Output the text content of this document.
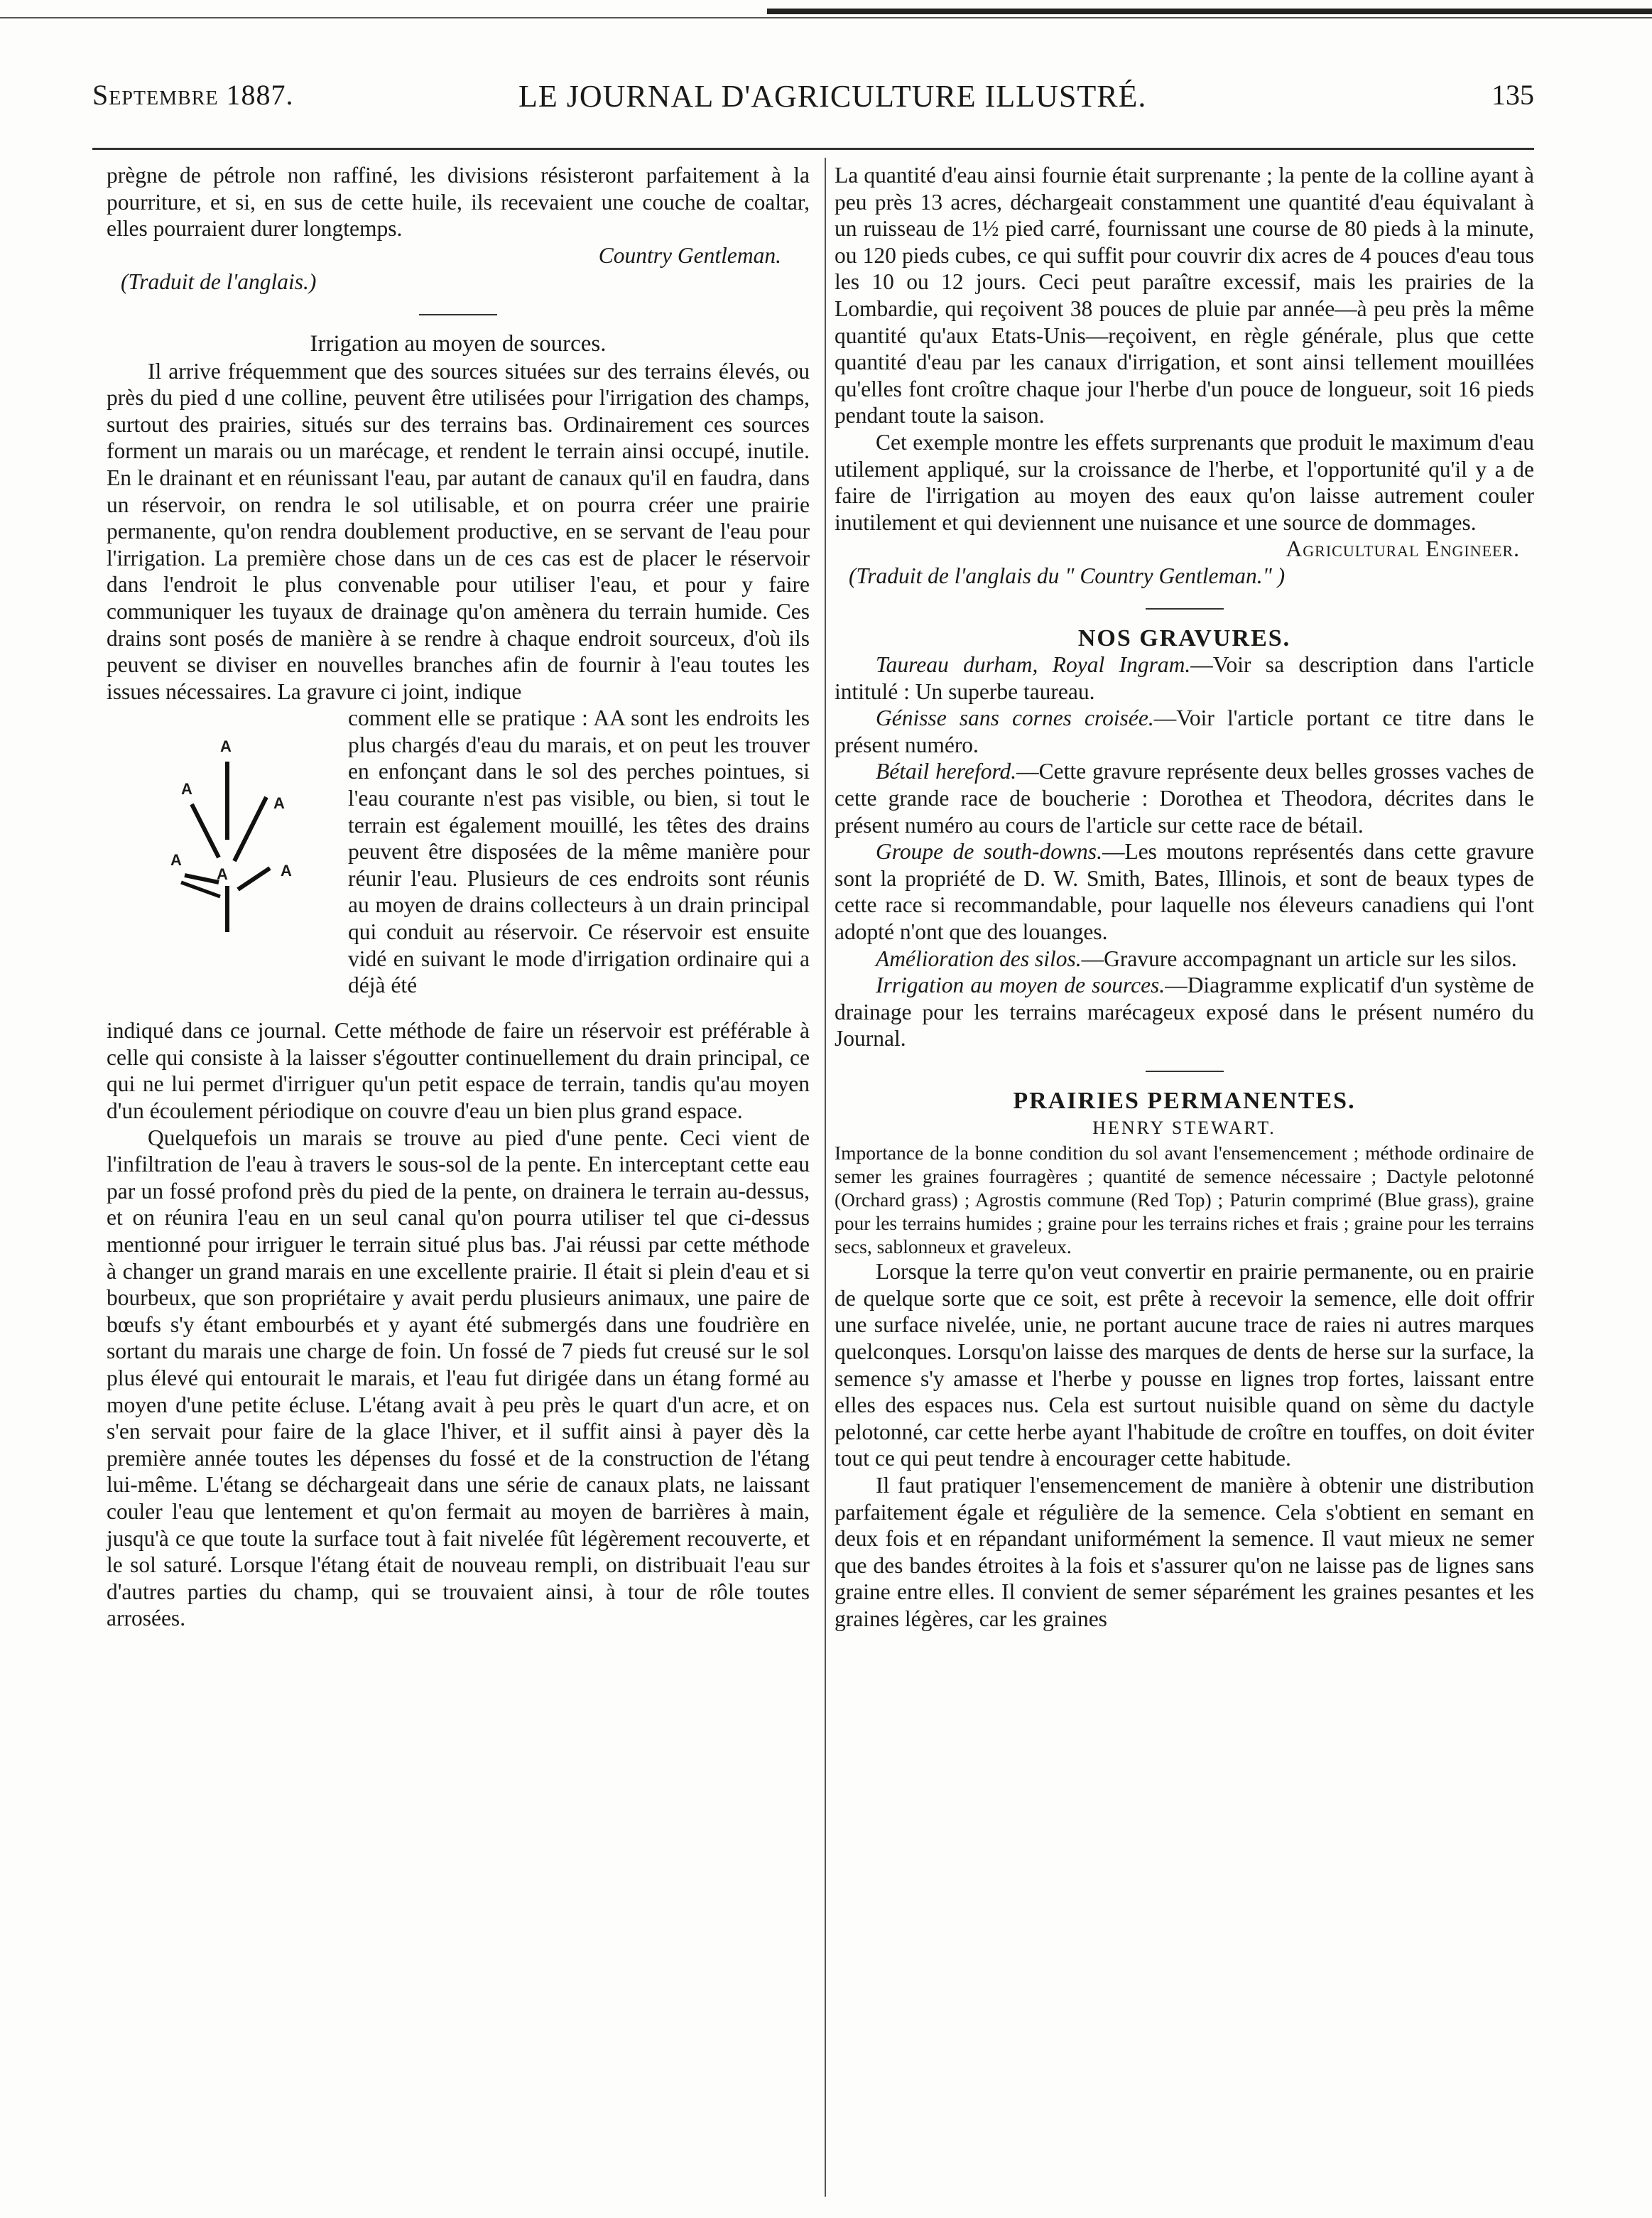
Septembre 1887.	LE JOURNAL D'AGRICULTURE ILLUSTRÉ.	135

prègne de pétrole non raffiné, les divisions résisteront parfaitement à la pourriture, et si, en sus de cette huile, ils recevaient une couche de coaltar, elles pourraient durer longtemps.

Country Gentleman.

(Traduit de l'anglais.)

Irrigation au moyen de sources.

Il arrive fréquemment que des sources situées sur des terrains élevés, ou près du pied d une colline, peuvent être utilisées pour l'irrigation des champs, surtout des prairies, situés sur des terrains bas. Ordinairement ces sources forment un marais ou un marécage, et rendent le terrain ainsi occupé, inutile. En le drainant et en réunissant l'eau, par autant de canaux qu'il en faudra, dans un réservoir, on rendra le sol utilisable, et on pourra créer une prairie permanente, qu'on rendra doublement productive, en se servant de l'eau pour l'irrigation. La première chose dans un de ces cas est de placer le réservoir dans l'endroit le plus convenable pour utiliser l'eau, et pour y faire communiquer les tuyaux de drainage qu'on amènera du terrain humide. Ces drains sont posés de manière à se rendre à chaque endroit sourceux, d'où ils peuvent se diviser en nouvelles branches afin de fournir à l'eau toutes les issues nécessaires. La gravure ci joint, indique

A
A
A
A
A	A

comment elle se pratique : AA sont les endroits les plus chargés d'eau du marais, et on peut les trouver en enfonçant dans le sol des perches pointues, si l'eau courante n'est pas visible, ou bien, si tout le terrain est également mouillé, les têtes des drains peuvent être disposées de la même manière pour réunir l'eau. Plusieurs de ces endroits sont réunis au moyen de drains collecteurs à un drain principal qui conduit au réservoir. Ce réservoir est ensuite vidé en suivant le mode d'irrigation ordinaire qui a déjà été

indiqué dans ce journal. Cette méthode de faire un réservoir est préférable à celle qui consiste à la laisser s'égoutter continuellement du drain principal, ce qui ne lui permet d'irriguer qu'un petit espace de terrain, tandis qu'au moyen d'un écoulement périodique on couvre d'eau un bien plus grand espace.

Quelquefois un marais se trouve au pied d'une pente. Ceci vient de l'infiltration de l'eau à travers le sous-sol de la pente. En interceptant cette eau par un fossé profond près du pied de la pente, on drainera le terrain au-dessus, et on réunira l'eau en un seul canal qu'on pourra utiliser tel que ci-dessus mentionné pour irriguer le terrain situé plus bas. J'ai réussi par cette méthode à changer un grand marais en une excellente prairie. Il était si plein d'eau et si bourbeux, que son propriétaire y avait perdu plusieurs animaux, une paire de bœufs s'y étant embourbés et y ayant été submergés dans une foudrière en sortant du marais une charge de foin. Un fossé de 7 pieds fut creusé sur le sol plus élevé qui entourait le marais, et l'eau fut dirigée dans un étang formé au moyen d'une petite écluse. L'étang avait à peu près le quart d'un acre, et on s'en servait pour faire de la glace l'hiver, et il suffit ainsi à payer dès la première année toutes les dépenses du fossé et de la construction de l'étang lui-même. L'étang se déchargeait dans une série de canaux plats, ne laissant couler l'eau que lentement et qu'on fermait au moyen de barrières à main, jusqu'à ce que toute la surface tout à fait nivelée fût légèrement recouverte, et le sol saturé. Lorsque l'étang était de nouveau rempli, on distribuait l'eau sur d'autres parties du champ, qui se trouvaient ainsi, à tour de rôle toutes arrosées.

La quantité d'eau ainsi fournie était surprenante ; la pente de la colline ayant à peu près 13 acres, déchargeait constamment une quantité d'eau équivalant à un ruisseau de 1½ pied carré, fournissant une course de 80 pieds à la minute, ou 120 pieds cubes, ce qui suffit pour couvrir dix acres de 4 pouces d'eau tous les 10 ou 12 jours. Ceci peut paraître excessif, mais les prairies de la Lombardie, qui reçoivent 38 pouces de pluie par année—à peu près la même quantité qu'aux Etats-Unis—reçoivent, en règle générale, plus que cette quantité d'eau par les canaux d'irrigation, et sont ainsi tellement mouillées qu'elles font croître chaque jour l'herbe d'un pouce de longueur, soit 16 pieds pendant toute la saison.

Cet exemple montre les effets surprenants que produit le maximum d'eau utilement appliqué, sur la croissance de l'herbe, et l'opportunité qu'il y a de faire de l'irrigation au moyen des eaux qu'on laisse autrement couler inutilement et qui deviennent une nuisance et une source de dommages.

Agricultural Engineer.

(Traduit de l'anglais du " Country Gentleman." )

NOS GRAVURES.

Taureau durham, Royal Ingram.—Voir sa description dans l'article intitulé : Un superbe taureau.

Génisse sans cornes croisée.—Voir l'article portant ce titre dans le présent numéro.

Bétail hereford.—Cette gravure représente deux belles grosses vaches de cette grande race de boucherie : Dorothea et Theodora, décrites dans le présent numéro au cours de l'article sur cette race de bétail.

Groupe de south-downs.—Les moutons représentés dans cette gravure sont la propriété de D. W. Smith, Bates, Illinois, et sont de beaux types de cette race si recommandable, pour laquelle nos éleveurs canadiens qui l'ont adopté n'ont que des louanges.

Amélioration des silos.—Gravure accompagnant un article sur les silos.

Irrigation au moyen de sources.—Diagramme explicatif d'un système de drainage pour les terrains marécageux exposé dans le présent numéro du Journal.

PRAIRIES PERMANENTES.

HENRY STEWART.

Importance de la bonne condition du sol avant l'ensemencement ; méthode ordinaire de semer les graines fourragères ; quantité de semence nécessaire ; Dactyle pelotonné (Orchard grass) ; Agrostis commune (Red Top) ; Paturin comprimé (Blue grass), graine pour les terrains humides ; graine pour les terrains riches et frais ; graine pour les terrains secs, sablonneux et graveleux.

Lorsque la terre qu'on veut convertir en prairie permanente, ou en prairie de quelque sorte que ce soit, est prête à recevoir la semence, elle doit offrir une surface nivelée, unie, ne portant aucune trace de raies ni autres marques quelconques. Lorsqu'on laisse des marques de dents de herse sur la surface, la semence s'y amasse et l'herbe y pousse en lignes trop fortes, laissant entre elles des espaces nus. Cela est surtout nuisible quand on sème du dactyle pelotonné, car cette herbe ayant l'habitude de croître en touffes, on doit éviter tout ce qui peut tendre à encourager cette habitude.

Il faut pratiquer l'ensemencement de manière à obtenir une distribution parfaitement égale et régulière de la semence. Cela s'obtient en semant en deux fois et en répandant uniformément la semence. Il vaut mieux ne semer que des bandes étroites à la fois et s'assurer qu'on ne laisse pas de lignes sans graine entre elles. Il convient de semer séparément les graines pesantes et les graines légères, car les graines
